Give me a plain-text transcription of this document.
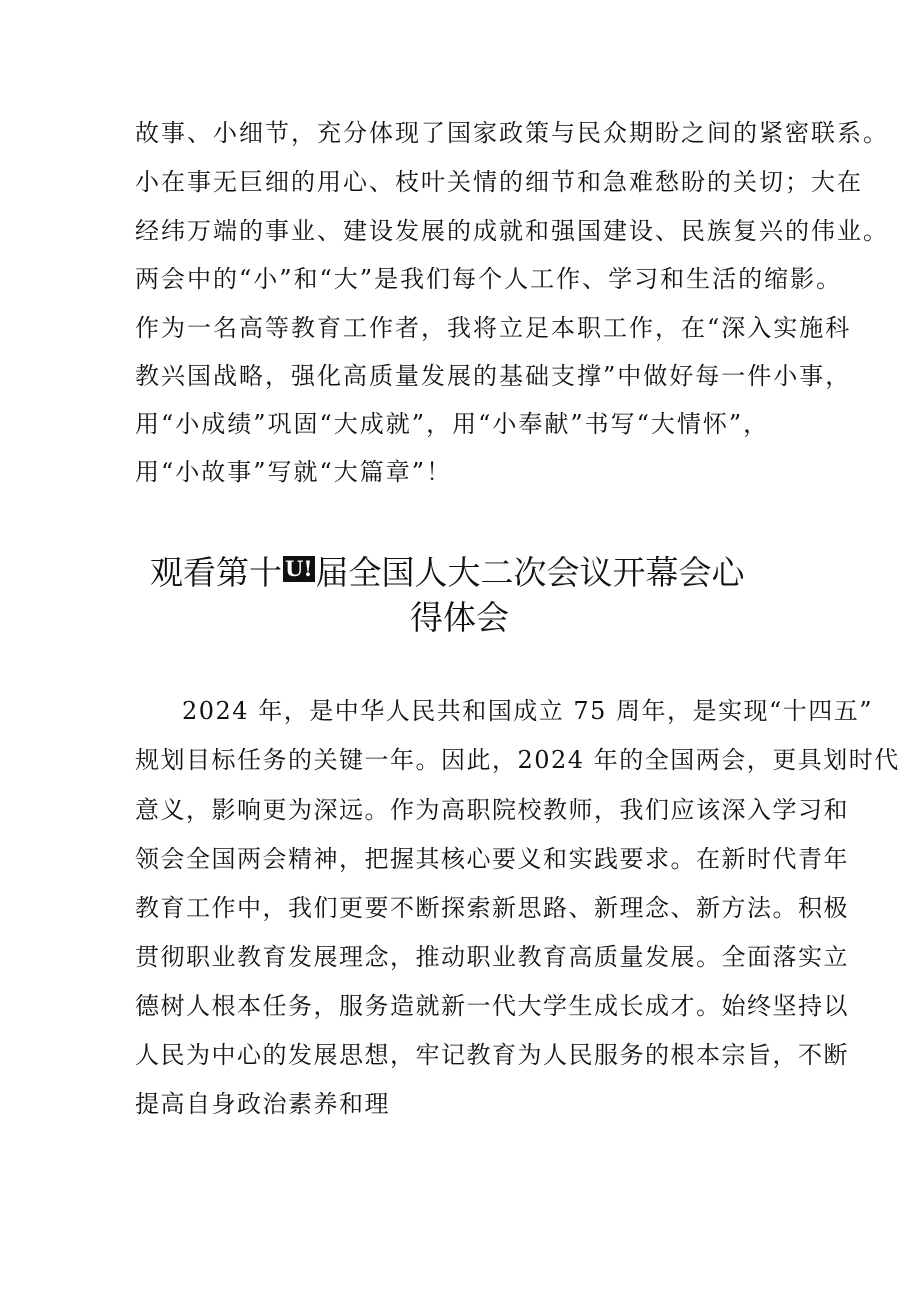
故事、小细节，充分体现了国家政策与民众期盼之间的紧密联系。
小在事无巨细的用心、枝叶关情的细节和急难愁盼的关切；大在
经纬万端的事业、建设发展的成就和强国建设、民族复兴的伟业。
两会中的“小”和“大”是我们每个人工作、学习和生活的缩影。
作为一名高等教育工作者，我将立足本职工作，在“深入实施科
教兴国战略，强化高质量发展的基础支撑”中做好每一件小事，
用“小成绩”巩固“大成就”，用“小奉献”书写“大情怀”，
用“小故事”写就“大篇章”！
观看第十 U!届全国人大二次会议开幕会心
得体会
2024 年，是中华人民共和国成立 75 周年，是实现“十四五”
规划目标任务的关键一年。因此，2024 年的全国两会，更具划时代
意义，影响更为深远。作为高职院校教师，我们应该深入学习和
领会全国两会精神，把握其核心要义和实践要求。在新时代青年
教育工作中，我们更要不断探索新思路、新理念、新方法。积极
贯彻职业教育发展理念，推动职业教育高质量发展。全面落实立
德树人根本任务，服务造就新一代大学生成长成才。始终坚持以
人民为中心的发展思想，牢记教育为人民服务的根本宗旨，不断
提高自身政治素养和理
